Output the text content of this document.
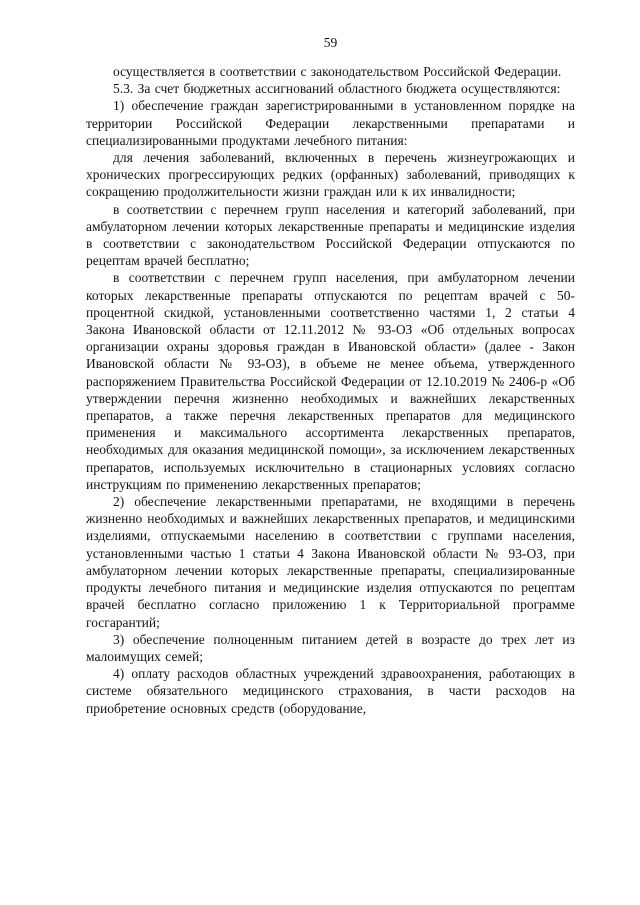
59

осуществляется в соответствии с законодательством Российской Федерации.

5.3. За счет бюджетных ассигнований областного бюджета осуществляются:

1) обеспечение граждан зарегистрированными в установленном порядке на территории Российской Федерации лекарственными препаратами и специализированными продуктами лечебного питания:

для лечения заболеваний, включенных в перечень жизнеугрожающих и хронических прогрессирующих редких (орфанных) заболеваний, приводящих к сокращению продолжительности жизни граждан или к их инвалидности;

в соответствии с перечнем групп населения и категорий заболеваний, при амбулаторном лечении которых лекарственные препараты и медицинские изделия в соответствии с законодательством Российской Федерации отпускаются по рецептам врачей бесплатно;

в соответствии с перечнем групп населения, при амбулаторном лечении которых лекарственные препараты отпускаются по рецептам врачей с 50-процентной скидкой, установленными соответственно частями 1, 2 статьи 4 Закона Ивановской области от 12.11.2012 № 93-ОЗ «Об отдельных вопросах организации охраны здоровья граждан в Ивановской области» (далее - Закон Ивановской области № 93-ОЗ), в объеме не менее объема, утвержденного распоряжением Правительства Российской Федерации от 12.10.2019 № 2406-р «Об утверждении перечня жизненно необходимых и важнейших лекарственных препаратов, а также перечня лекарственных препаратов для медицинского применения и максимального ассортимента лекарственных препаратов, необходимых для оказания медицинской помощи», за исключением лекарственных препаратов, используемых исключительно в стационарных условиях согласно инструкциям по применению лекарственных препаратов;

2) обеспечение лекарственными препаратами, не входящими в перечень жизненно необходимых и важнейших лекарственных препаратов, и медицинскими изделиями, отпускаемыми населению в соответствии с группами населения, установленными частью 1 статьи 4 Закона Ивановской области № 93-ОЗ, при амбулаторном лечении которых лекарственные препараты, специализированные продукты лечебного питания и медицинские изделия отпускаются по рецептам врачей бесплатно согласно приложению 1 к Территориальной программе госгарантий;

3) обеспечение полноценным питанием детей в возрасте до трех лет из малоимущих семей;

4) оплату расходов областных учреждений здравоохранения, работающих в системе обязательного медицинского страхования, в части расходов на приобретение основных средств (оборудование,
